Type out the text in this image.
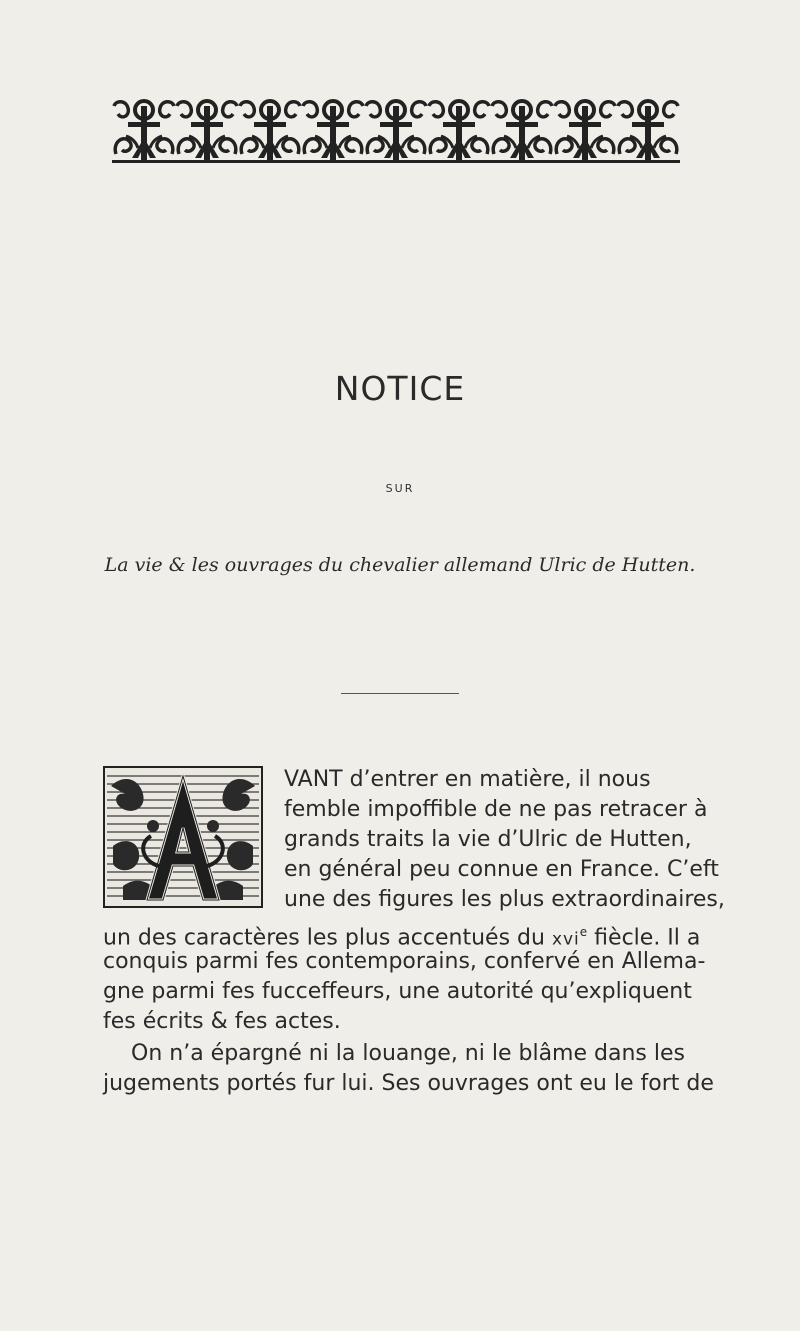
NOTICE
SUR
La vie & les ouvrages du chevalier allemand Ulric de Hutten.

VANT d’entrer en matière, il nous

femble impoffible de ne pas retracer à

grands traits la vie d’Ulric de Hutten,

en général peu connue en France. C’eft

une des figures les plus extraordinaires,

un des caractères les plus accentués du xvi$^e$ fiècle. Il a

conquis parmi fes contemporains, confervé en Allema-

gne parmi fes fucceffeurs, une autorité qu’expliquent

fes écrits & fes actes.

On n’a épargné ni la louange, ni le blâme dans les

jugements portés fur lui. Ses ouvrages ont eu le fort de
